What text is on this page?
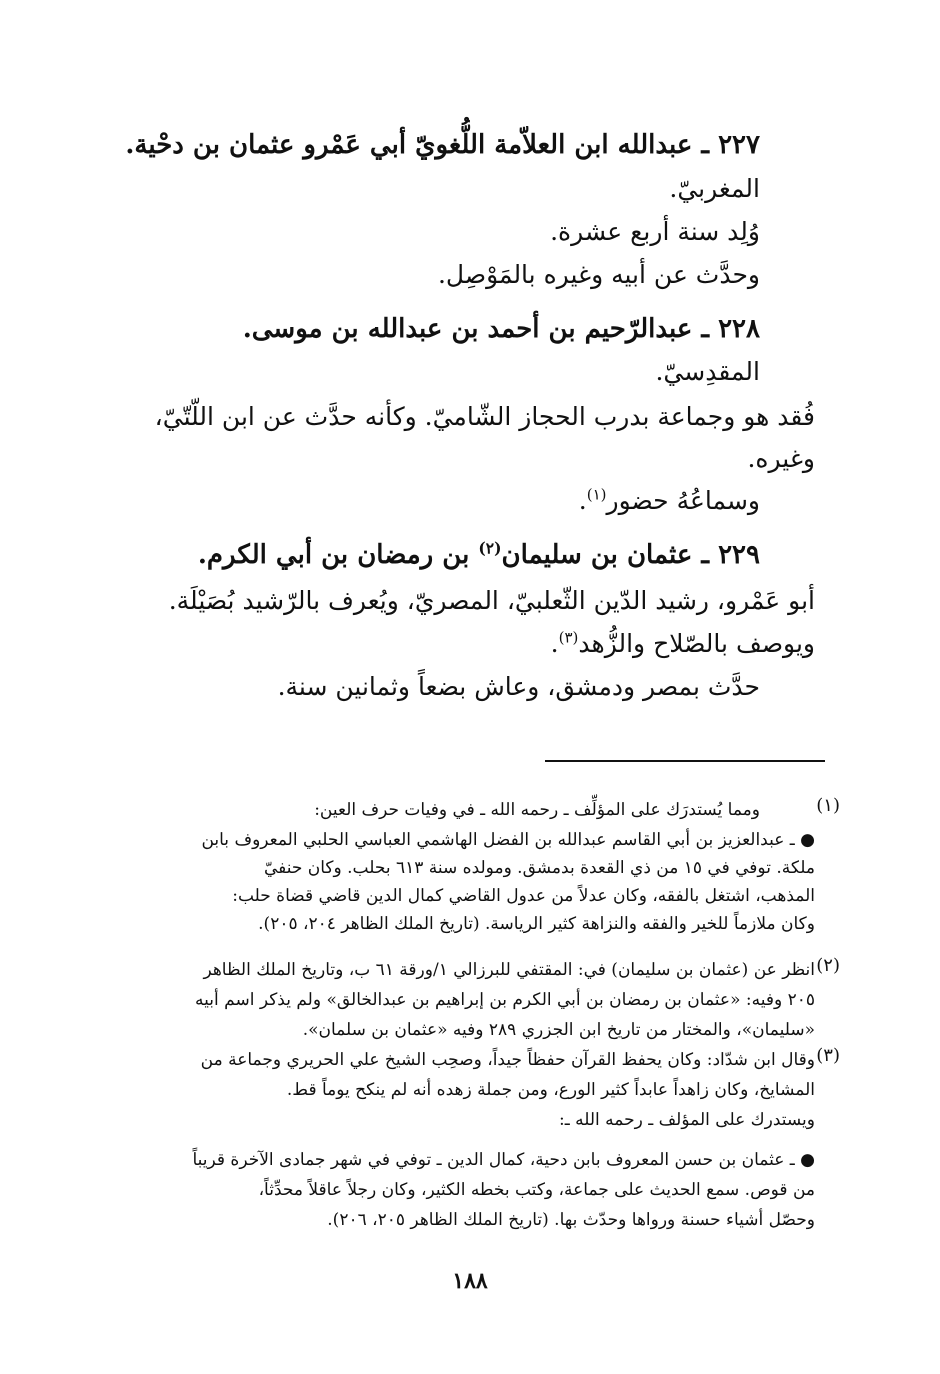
٢٢٧ ـ عبدالله ابن العلاّمة اللُّغويّ أبي عَمْرو عثمان بن دحْية.
المغربيّ.
وُلِد سنة أربع عشرة.
وحدَّث عن أبيه وغيره بالمَوْصِل.
٢٢٨ ـ عبدالرّحيم بن أحمد بن عبدالله بن موسى.
المقدِسيّ.
فُقد هو وجماعة بدرب الحجاز الشّاميّ. وكأنه حدَّث عن ابن اللّتّيّ،
وغيره.
وسماعُهُ حضور$^{(١)}$.
٢٢٩ ـ عثمان بن سليمان$^{(٢)}$ بن رمضان بن أبي الكرم.
أبو عَمْرو، رشيد الدّين الثّعلبيّ، المصريّ، ويُعرف بالرّشيد بُصَيْلَة.
ويوصف بالصّلاح والزُّهد$^{(٣)}$.
حدَّث بمصر ودمشق، وعاش بضعاً وثمانين سنة.
(١)
ومما يُستدرَك على المؤلِّف ـ رحمه الله ـ في وفيات حرف العين:
● ـ عبدالعزيز بن أبي القاسم عبدالله بن الفضل الهاشمي العباسي الحلبي المعروف بابن
ملكة. توفي في ١٥ من ذي القعدة بدمشق. ومولده سنة ٦١٣ بحلب. وكان حنفيّ
المذهب، اشتغل بالفقه، وكان عدلاً من عدول القاضي كمال الدين قاضي قضاة حلب:
وكان ملازماً للخير والفقه والنزاهة كثير الرياسة. (تاريخ الملك الظاهر ٢٠٤، ٢٠٥).
(٢)
انظر عن (عثمان بن سليمان) في: المقتفي للبرزالي ١/ورقة ٦١ ب، وتاريخ الملك الظاهر
٢٠٥ وفيه: «عثمان بن رمضان بن أبي الكرم بن إبراهيم بن عبدالخالق» ولم يذكر اسم أبيه
«سليمان»، والمختار من تاريخ ابن الجزري ٢٨٩ وفيه «عثمان بن سلمان».
(٣)
وقال ابن شدّاد: وكان يحفظ القرآن حفظاً جيداً، وصحِب الشيخ علي الحريري وجماعة من
المشايخ، وكان زاهداً عابداً كثير الورع، ومن جملة زهده أنه لم ينكح يوماً قط.
ويستدرك على المؤلف ـ رحمه الله ـ:
● ـ عثمان بن حسن المعروف بابن دحية، كمال الدين ـ توفي في شهر جمادى الآخرة قريباً
من قوص. سمع الحديث على جماعة، وكتب بخطه الكثير، وكان رجلاً عاقلاً محدِّثاً،
وحصّل أشياء حسنة ورواها وحدّث بها. (تاريخ الملك الظاهر ٢٠٥، ٢٠٦).
١٨٨
